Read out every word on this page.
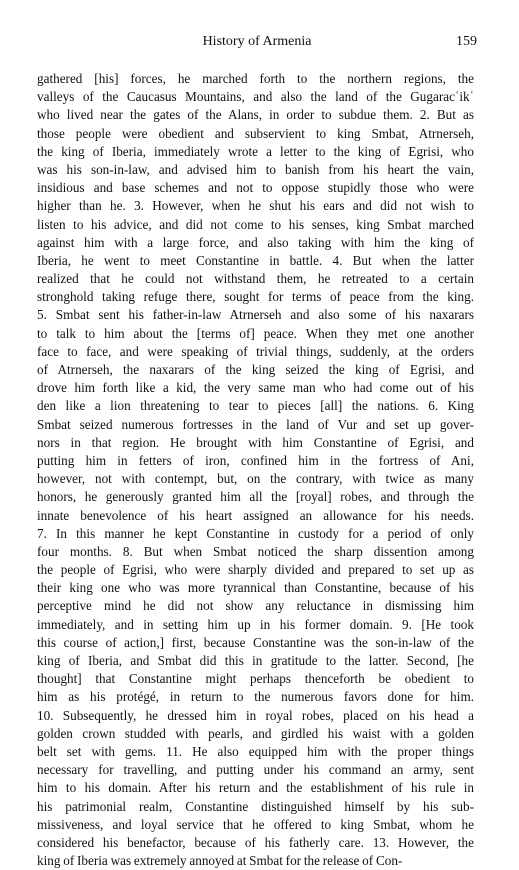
History of Armenia	159
gathered [his] forces, he marched forth to the northern regions, the
valleys of the Caucasus Mountains, and also the land of the Gugaracʿikʿ
who lived near the gates of the Alans, in order to subdue them. 2. But as
those people were obedient and subservient to king Smbat, Atrnerseh,
the king of Iberia, immediately wrote a letter to the king of Egrisi, who
was his son-in-law, and advised him to banish from his heart the vain,
insidious and base schemes and not to oppose stupidly those who were
higher than he. 3. However, when he shut his ears and did not wish to
listen to his advice, and did not come to his senses, king Smbat marched
against him with a large force, and also taking with him the king of
Iberia, he went to meet Constantine in battle. 4. But when the latter
realized that he could not withstand them, he retreated to a certain
stronghold taking refuge there, sought for terms of peace from the king.
5. Smbat sent his father-in-law Atrnerseh and also some of his naxarars
to talk to him about the [terms of] peace. When they met one another
face to face, and were speaking of trivial things, suddenly, at the orders
of Atrnerseh, the naxarars of the king seized the king of Egrisi, and
drove him forth like a kid, the very same man who had come out of his
den like a lion threatening to tear to pieces [all] the nations. 6. King
Smbat seized numerous fortresses in the land of Vur and set up gover-
nors in that region. He brought with him Constantine of Egrisi, and
putting him in fetters of iron, confined him in the fortress of Ani,
however, not with contempt, but, on the contrary, with twice as many
honors, he generously granted him all the [royal] robes, and through the
innate benevolence of his heart assigned an allowance for his needs.
7. In this manner he kept Constantine in custody for a period of only
four months. 8. But when Smbat noticed the sharp dissention among
the people of Egrisi, who were sharply divided and prepared to set up as
their king one who was more tyrannical than Constantine, because of his
perceptive mind he did not show any reluctance in dismissing him
immediately, and in setting him up in his former domain. 9. [He took
this course of action,] first, because Constantine was the son-in-law of the
king of Iberia, and Smbat did this in gratitude to the latter. Second, [he
thought] that Constantine might perhaps thenceforth be obedient to
him as his protégé, in return to the numerous favors done for him.
10. Subsequently, he dressed him in royal robes, placed on his head a
golden crown studded with pearls, and girdled his waist with a golden
belt set with gems. 11. He also equipped him with the proper things
necessary for travelling, and putting under his command an army, sent
him to his domain. After his return and the establishment of his rule in
his patrimonial realm, Constantine distinguished himself by his sub-
missiveness, and loyal service that he offered to king Smbat, whom he
considered his benefactor, because of his fatherly care. 13. However, the
king of Iberia was extremely annoyed at Smbat for the release of Con-
